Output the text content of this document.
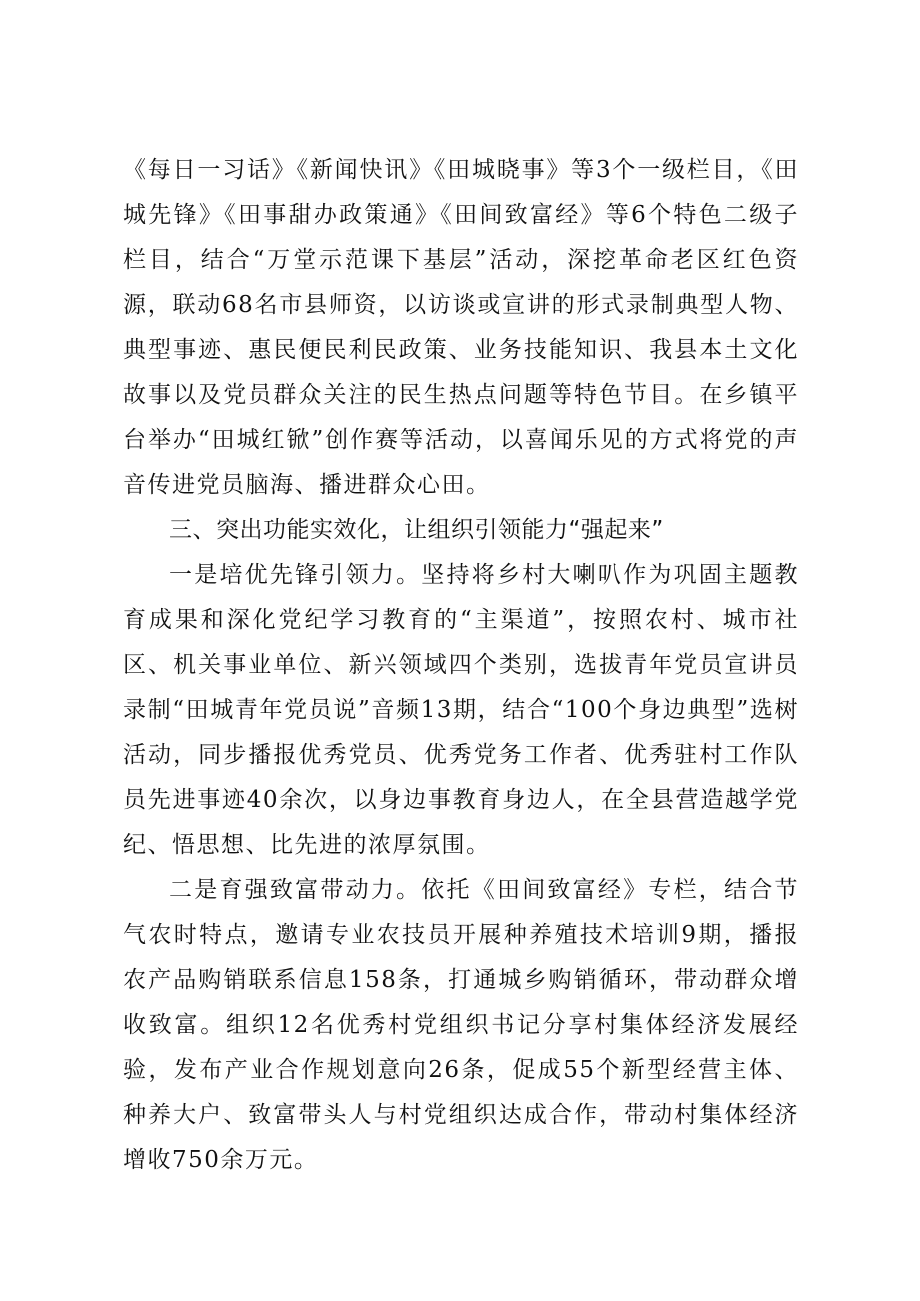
《每日一习话》《新闻快讯》《田城晓事》等3个一级栏目，《田城先锋》《田事甜办政策通》《田间致富经》等6个特色二级子栏目，结合“万堂示范课下基层”活动，深挖革命老区红色资源，联动68名市县师资，以访谈或宣讲的形式录制典型人物、典型事迹、惠民便民利民政策、业务技能知识、我县本土文化故事以及党员群众关注的民生热点问题等特色节目。在乡镇平台举办“田城红锨”创作赛等活动，以喜闻乐见的方式将党的声音传进党员脑海、播进群众心田。

三、突出功能实效化，让组织引领能力“强起来”

一是培优先锋引领力。坚持将乡村大喇叭作为巩固主题教育成果和深化党纪学习教育的“主渠道”，按照农村、城市社区、机关事业单位、新兴领域四个类别，选拔青年党员宣讲员录制“田城青年党员说”音频13期，结合“100个身边典型”选树活动，同步播报优秀党员、优秀党务工作者、优秀驻村工作队员先进事迹40余次，以身边事教育身边人，在全县营造越学党纪、悟思想、比先进的浓厚氛围。

二是育强致富带动力。依托《田间致富经》专栏，结合节气农时特点，邀请专业农技员开展种养殖技术培训9期，播报农产品购销联系信息158条，打通城乡购销循环，带动群众增收致富。组织12名优秀村党组织书记分享村集体经济发展经验，发布产业合作规划意向26条，促成55个新型经营主体、种养大户、致富带头人与村党组织达成合作，带动村集体经济增收750余万元。
